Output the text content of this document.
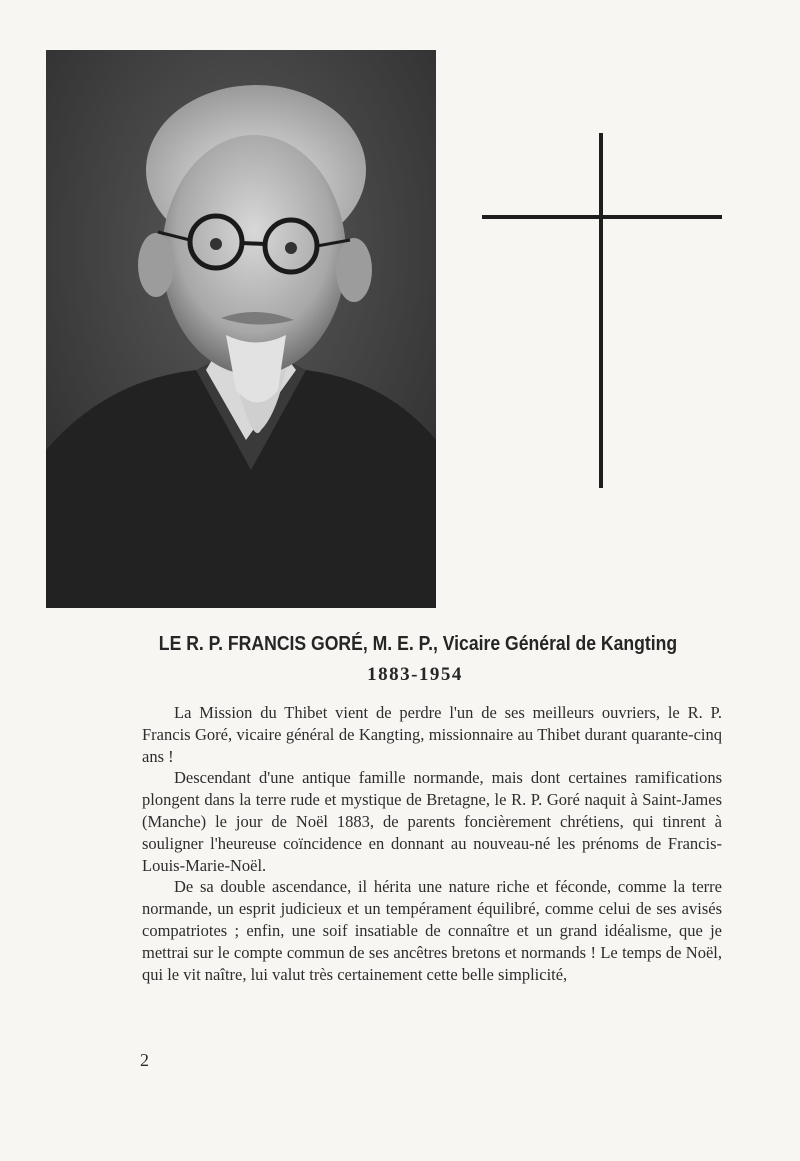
LE R. P. FRANCIS GORÉ, M. E. P., Vicaire Général de Kangting
1883-1954

La Mission du Thibet vient de perdre l'un de ses meilleurs ouvriers, le R. P. Francis Goré, vicaire général de Kangting, missionnaire au Thibet durant quarante-cinq ans !

Descendant d'une antique famille normande, mais dont certaines ramifications plongent dans la terre rude et mystique de Bretagne, le R. P. Goré naquit à Saint-James (Manche) le jour de Noël 1883, de parents foncièrement chrétiens, qui tinrent à souligner l'heureuse coïncidence en donnant au nouveau-né les prénoms de Francis-Louis-Marie-Noël.

De sa double ascendance, il hérita une nature riche et féconde, comme la terre normande, un esprit judicieux et un tempérament équilibré, comme celui de ses avisés compatriotes ; enfin, une soif insatiable de connaître et un grand idéalisme, que je mettrai sur le compte commun de ses ancêtres bretons et normands ! Le temps de Noël, qui le vit naître, lui valut très certainement cette belle simplicité,

2
